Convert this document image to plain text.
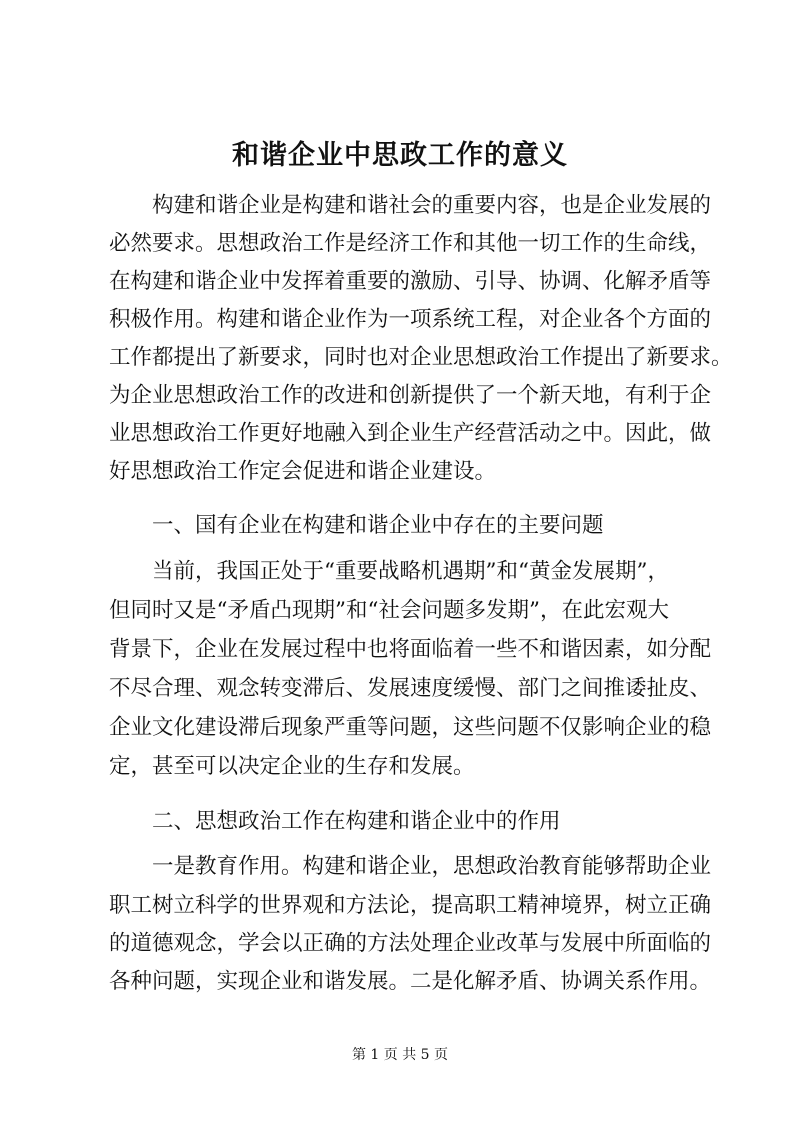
和谐企业中思政工作的意义
构建和谐企业是构建和谐社会的重要内容，也是企业发展的
必然要求。思想政治工作是经济工作和其他一切工作的生命线，
在构建和谐企业中发挥着重要的激励、引导、协调、化解矛盾等
积极作用。构建和谐企业作为一项系统工程，对企业各个方面的
工作都提出了新要求，同时也对企业思想政治工作提出了新要求。
为企业思想政治工作的改进和创新提供了一个新天地，有利于企
业思想政治工作更好地融入到企业生产经营活动之中。因此，做
好思想政治工作定会促进和谐企业建设。
一、国有企业在构建和谐企业中存在的主要问题
当前，我国正处于“重要战略机遇期”和“黄金发展期”，
但同时又是“矛盾凸现期”和“社会问题多发期”，在此宏观大
背景下，企业在发展过程中也将面临着一些不和谐因素，如分配
不尽合理、观念转变滞后、发展速度缓慢、部门之间推诿扯皮、
企业文化建设滞后现象严重等问题，这些问题不仅影响企业的稳
定，甚至可以决定企业的生存和发展。
二、思想政治工作在构建和谐企业中的作用
一是教育作用。构建和谐企业，思想政治教育能够帮助企业
职工树立科学的世界观和方法论，提高职工精神境界，树立正确
的道德观念，学会以正确的方法处理企业改革与发展中所面临的
各种问题，实现企业和谐发展。二是化解矛盾、协调关系作用。
第 1 页 共 5 页
